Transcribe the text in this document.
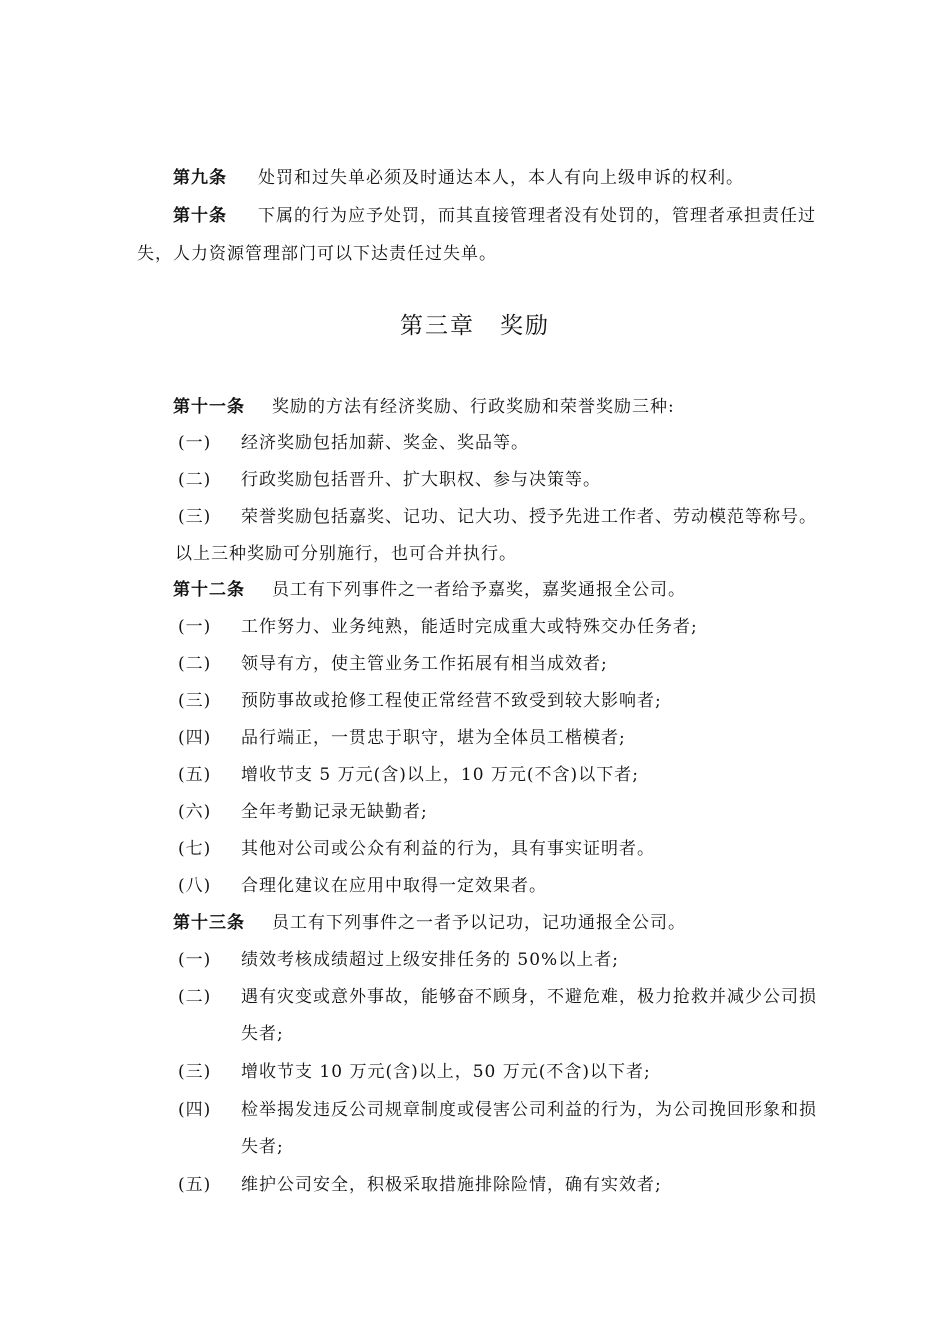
第九条 处罚和过失单必须及时通达本人，本人有向上级申诉的权利。
第十条 下属的行为应予处罚，而其直接管理者没有处罚的，管理者承担责任过
失，人力资源管理部门可以下达责任过失单。
第三章　奖励
第十一条 奖励的方法有经济奖励、行政奖励和荣誉奖励三种:
(一) 经济奖励包括加薪、奖金、奖品等。
(二) 行政奖励包括晋升、扩大职权、参与决策等。
(三) 荣誉奖励包括嘉奖、记功、记大功、授予先进工作者、劳动模范等称号。
以上三种奖励可分别施行，也可合并执行。
第十二条 员工有下列事件之一者给予嘉奖，嘉奖通报全公司。
(一) 工作努力、业务纯熟，能适时完成重大或特殊交办任务者;
(二) 领导有方，使主管业务工作拓展有相当成效者;
(三) 预防事故或抢修工程使正常经营不致受到较大影响者;
(四) 品行端正，一贯忠于职守，堪为全体员工楷模者;
(五) 增收节支 5 万元(含)以上，10 万元(不含)以下者;
(六) 全年考勤记录无缺勤者;
(七) 其他对公司或公众有利益的行为，具有事实证明者。
(八) 合理化建议在应用中取得一定效果者。
第十三条 员工有下列事件之一者予以记功，记功通报全公司。
(一) 绩效考核成绩超过上级安排任务的 50%以上者;
(二) 遇有灾变或意外事故，能够奋不顾身，不避危难，极力抢救并减少公司损
失者;
(三) 增收节支 10 万元(含)以上，50 万元(不含)以下者;
(四) 检举揭发违反公司规章制度或侵害公司利益的行为，为公司挽回形象和损
失者;
(五) 维护公司安全，积极采取措施排除险情，确有实效者;
